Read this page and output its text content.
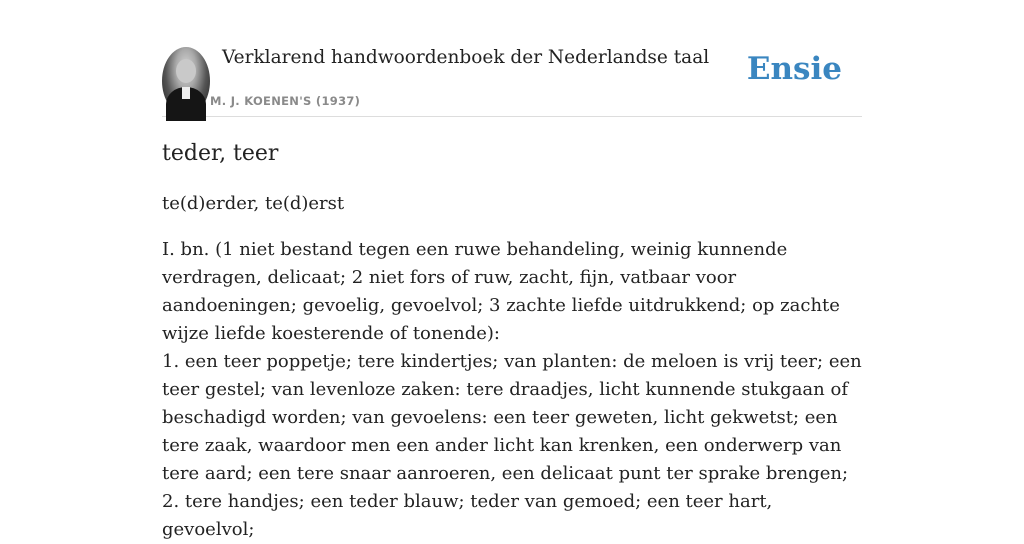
Verklarend handwoordenboek der Nederlandse taal
M. J. KOENEN'S (1937)
Ensie
teder, teer
te(d)erder, te(d)erst

I. bn. (1 niet bestand tegen een ruwe behandeling, weinig kunnende verdragen, delicaat; 2 niet fors of ruw, zacht, fijn, vatbaar voor aandoeningen; gevoelig, gevoelvol; 3 zachte liefde uitdrukkend; op zachte wijze liefde koesterende of tonende):

1. een teer poppetje; tere kindertjes; van planten: de meloen is vrij teer; een teer gestel; van levenloze zaken: tere draadjes, licht kunnende stukgaan of beschadigd worden; van gevoelens: een teer geweten, licht gekwetst; een tere zaak, waardoor men een ander licht kan krenken, een onderwerp van tere aard; een tere snaar aanroeren, een delicaat punt ter sprake brengen;

2. tere handjes; een teder blauw; teder van gemoed; een teer hart, gevoelvol;
